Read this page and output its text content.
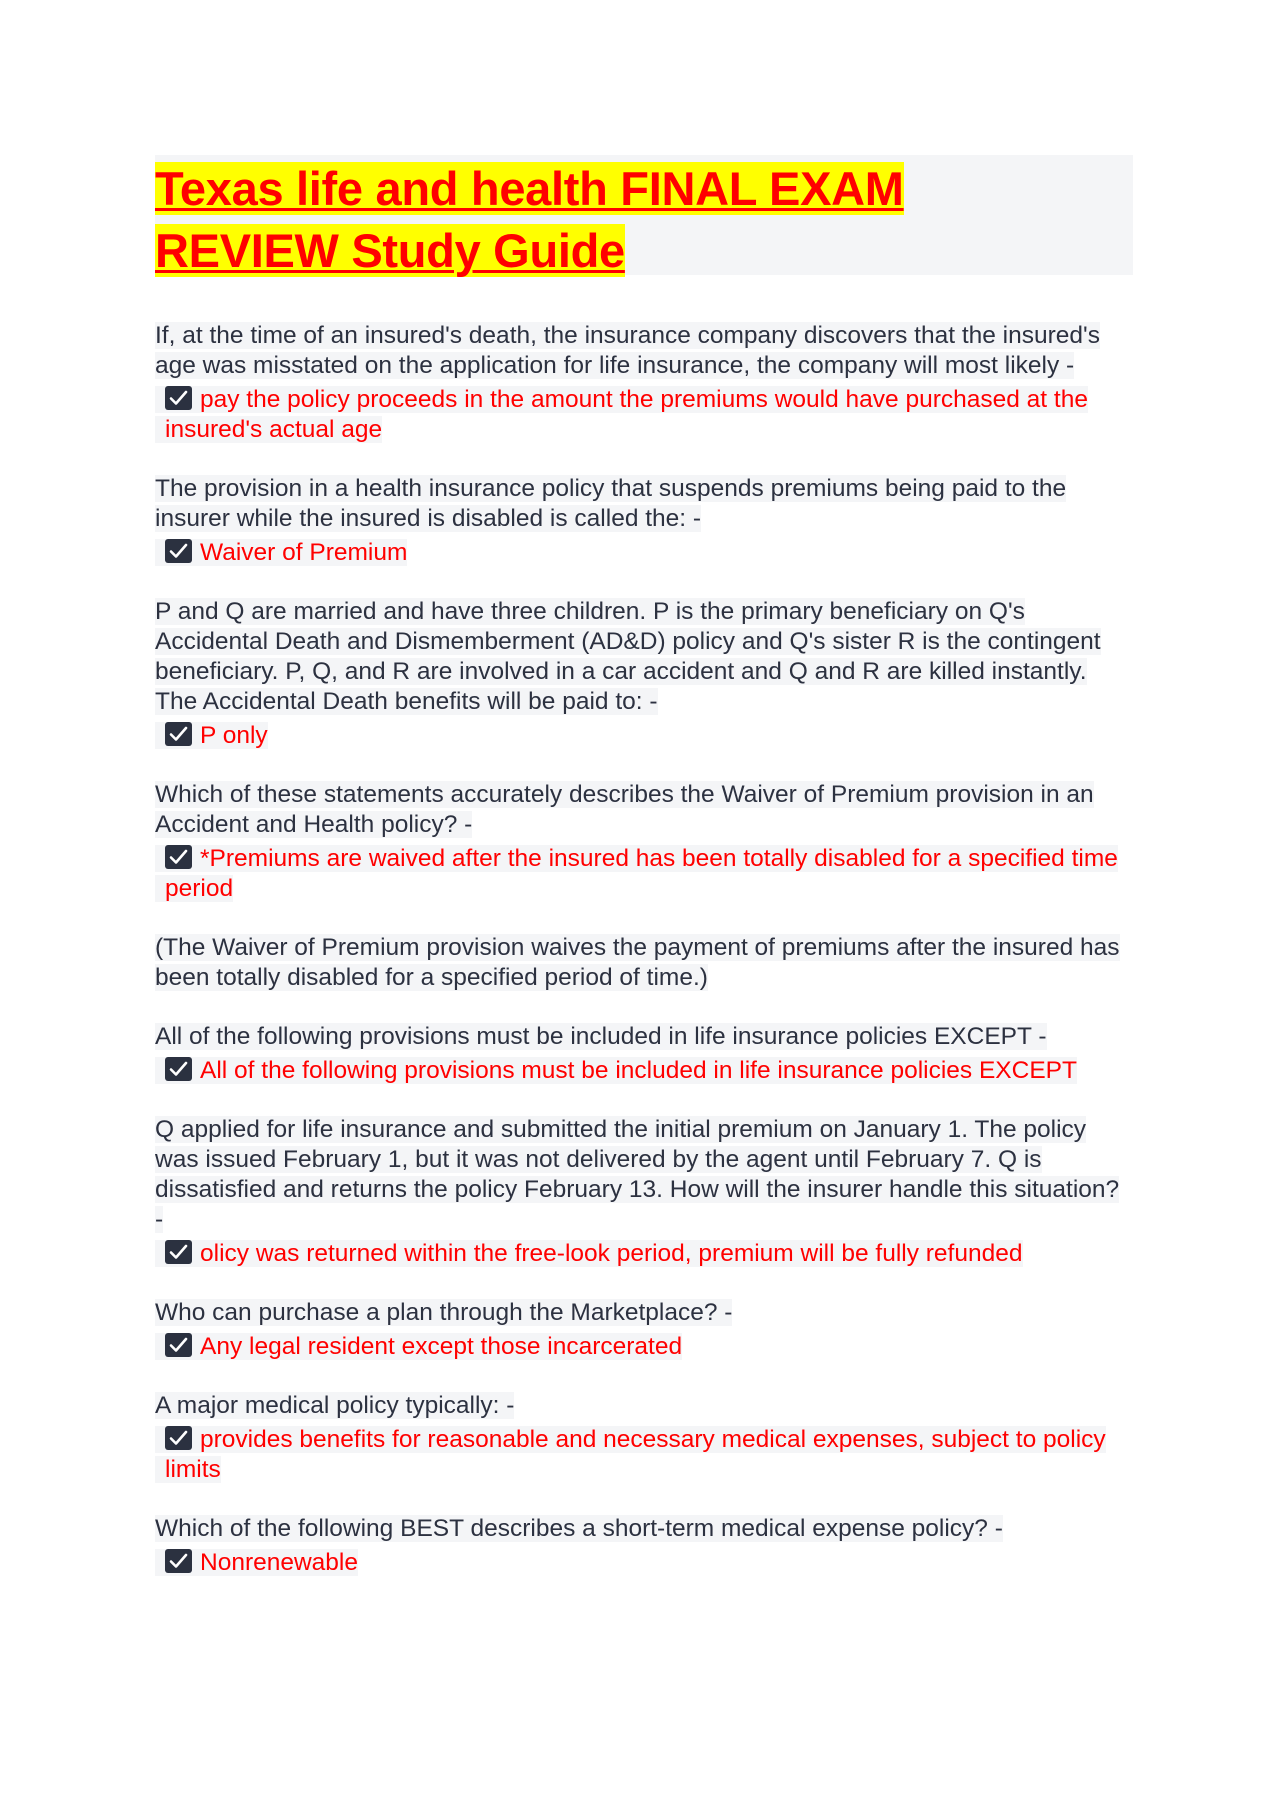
Texas life and health FINAL EXAM
REVIEW Study Guide
If, at the time of an insured's death, the insurance company discovers that the insured's age was misstated on the application for life insurance, the company will most likely -
pay the policy proceeds in the amount the premiums would have purchased at the insured's actual age
The provision in a health insurance policy that suspends premiums being paid to the insurer while the insured is disabled is called the: -
Waiver of Premium
P and Q are married and have three children. P is the primary beneficiary on Q's Accidental Death and Dismemberment (AD&D) policy and Q's sister R is the contingent beneficiary. P, Q, and R are involved in a car accident and Q and R are killed instantly. The Accidental Death benefits will be paid to: -
P only
Which of these statements accurately describes the Waiver of Premium provision in an Accident and Health policy? -
*Premiums are waived after the insured has been totally disabled for a specified time period
(The Waiver of Premium provision waives the payment of premiums after the insured has been totally disabled for a specified period of time.)
All of the following provisions must be included in life insurance policies EXCEPT -
All of the following provisions must be included in life insurance policies EXCEPT
Q applied for life insurance and submitted the initial premium on January 1. The policy was issued February 1, but it was not delivered by the agent until February 7. Q is dissatisfied and returns the policy February 13. How will the insurer handle this situation? -
olicy was returned within the free-look period, premium will be fully refunded
Who can purchase a plan through the Marketplace? -
Any legal resident except those incarcerated
A major medical policy typically: -
provides benefits for reasonable and necessary medical expenses, subject to policy limits
Which of the following BEST describes a short-term medical expense policy? -
Nonrenewable
